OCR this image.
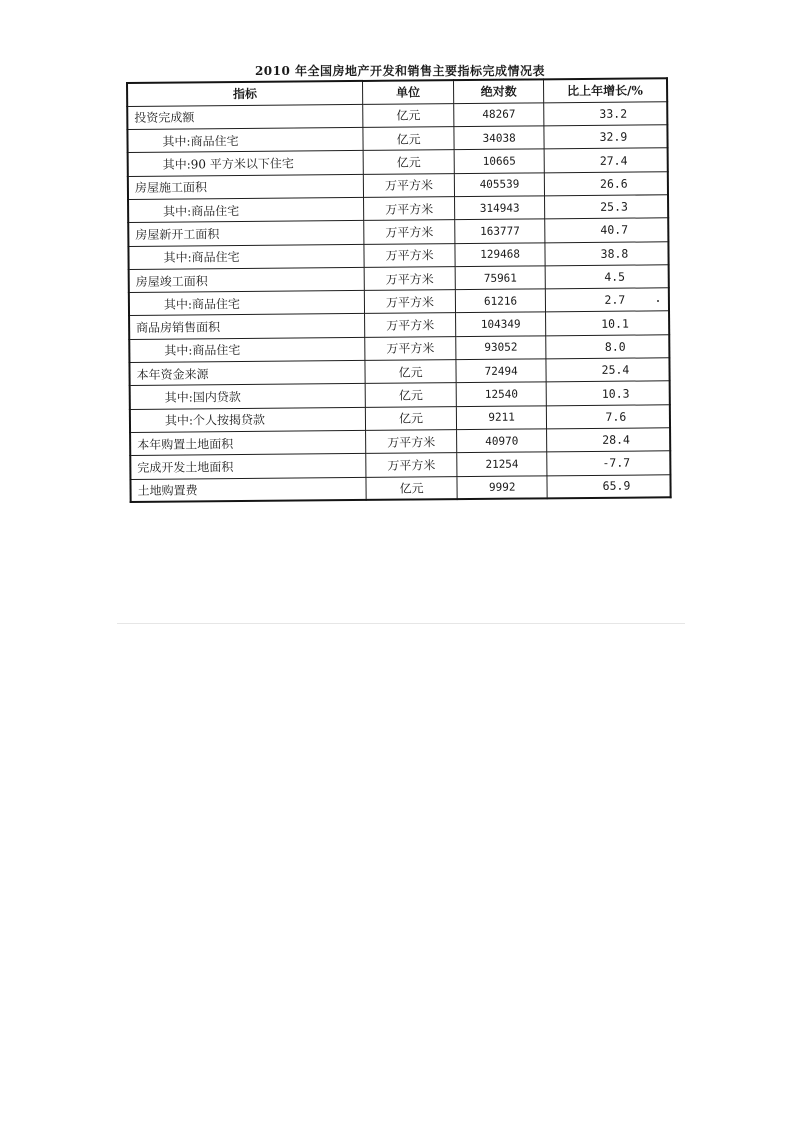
2010 年全国房地产开发和销售主要指标完成情况表
指标	单位	绝对数	比上年增长/%
投资完成额	亿元	48267	33.2
其中:商品住宅	亿元	34038	32.9
其中:90 平方米以下住宅	亿元	10665	27.4
房屋施工面积	万平方米	405539	26.6
其中:商品住宅	万平方米	314943	25.3
房屋新开工面积	万平方米	163777	40.7
其中:商品住宅	万平方米	129468	38.8
房屋竣工面积	万平方米	75961	4.5
其中:商品住宅	万平方米	61216	2.7
商品房销售面积	万平方米	104349	10.1
其中:商品住宅	万平方米	93052	8.0
本年资金来源	亿元	72494	25.4
其中:国内贷款	亿元	12540	10.3
其中:个人按揭贷款	亿元	9211	7.6
本年购置土地面积	万平方米	40970	28.4
完成开发土地面积	万平方米	21254	-7.7
土地购置费	亿元	9992	65.9
